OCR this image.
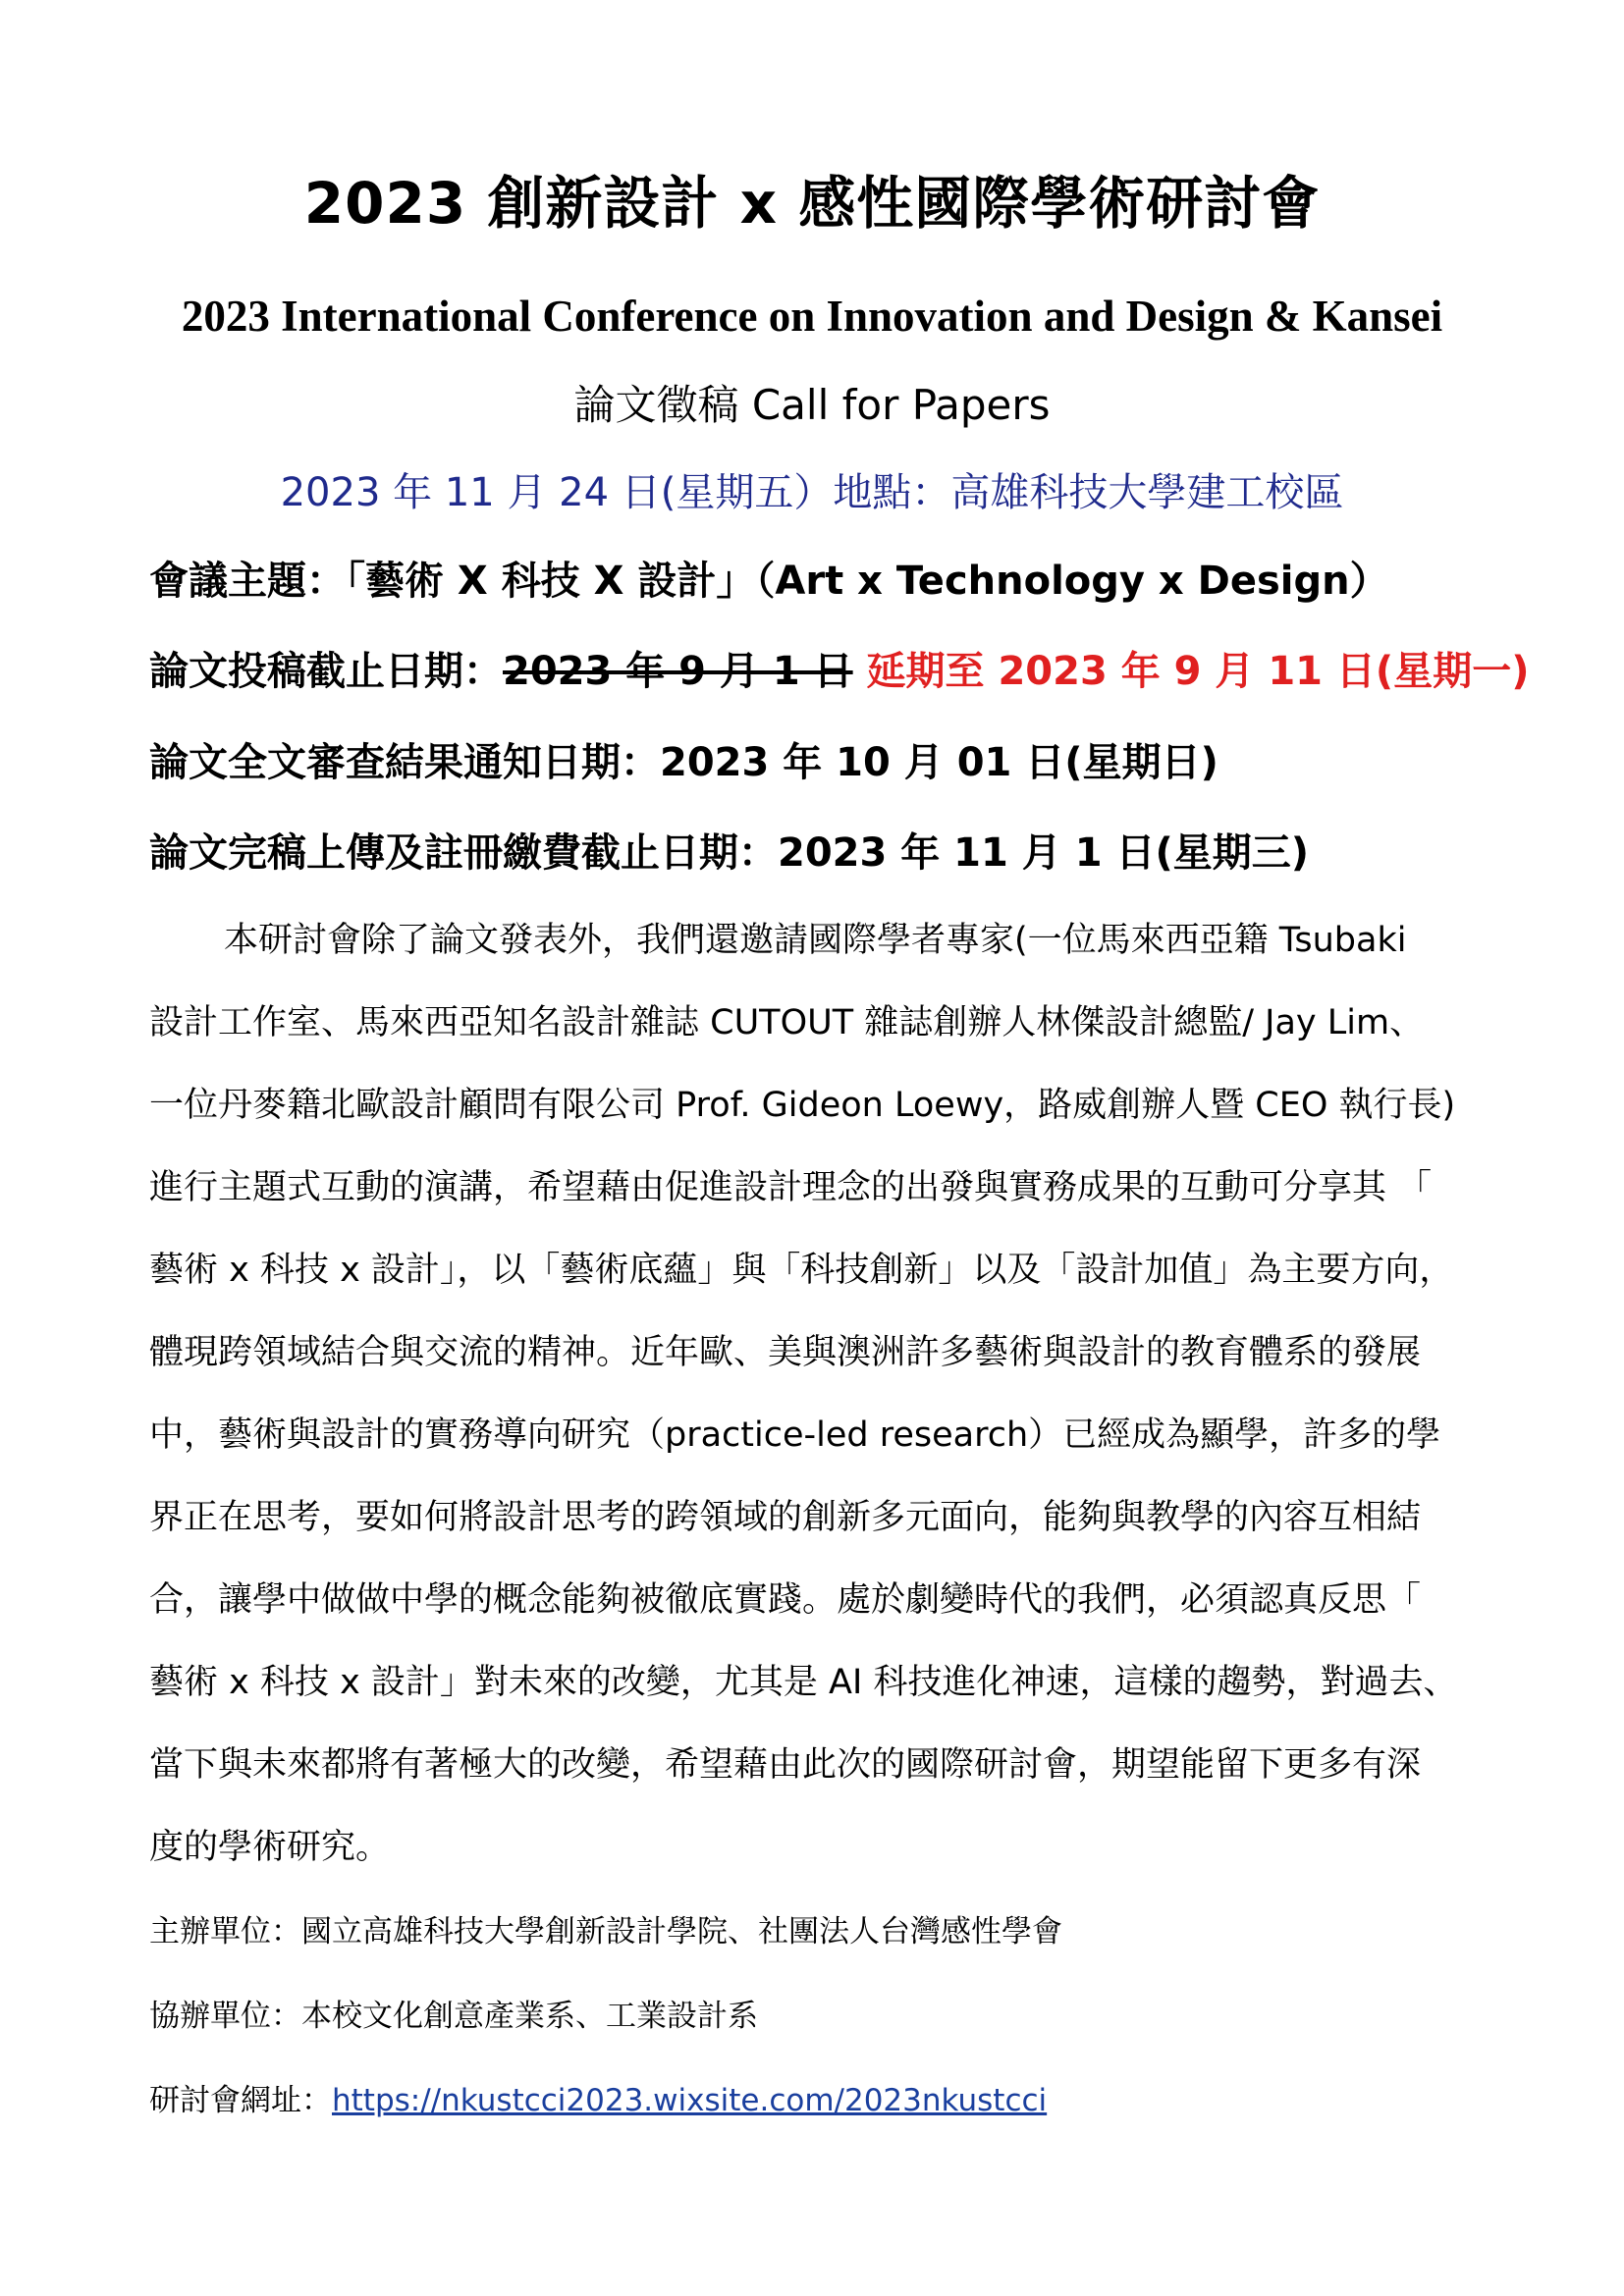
2023 創新設計 x 感性國際學術研討會
2023 International Conference on Innovation and Design & Kansei
論文徵稿 Call for Papers
2023 年 11 月 24 日(星期五）地點：高雄科技大學建工校區
會議主題：「藝術 X 科技 X 設計」（Art x Technology x Design）
論文投稿截止日期：2023 年 9 月 1 日 延期至 2023 年 9 月 11 日(星期一)
論文全文審查結果通知日期：2023 年 10 月 01 日(星期日)
論文完稿上傳及註冊繳費截止日期：2023 年 11 月 1 日(星期三)
本研討會除了論文發表外，我們還邀請國際學者專家(一位馬來西亞籍 Tsubaki
設計工作室、馬來西亞知名設計雜誌 CUTOUT 雜誌創辦人林傑設計總監/ Jay Lim、
一位丹麥籍北歐設計顧問有限公司 Prof. Gideon Loewy，路威創辦人暨 CEO 執行長)
進行主題式互動的演講，希望藉由促進設計理念的出發與實務成果的互動可分享其 「
藝術 x 科技 x 設計」，以「藝術底蘊」與「科技創新」以及「設計加值」為主要方向，
體現跨領域結合與交流的精神。近年歐、美與澳洲許多藝術與設計的教育體系的發展
中，藝術與設計的實務導向研究（practice-led research）已經成為顯學，許多的學
界正在思考，要如何將設計思考的跨領域的創新多元面向，能夠與教學的內容互相結
合，讓學中做做中學的概念能夠被徹底實踐。處於劇變時代的我們，必須認真反思「
藝術 x 科技 x 設計」對未來的改變，尤其是 AI 科技進化神速，這樣的趨勢，對過去、
當下與未來都將有著極大的改變，希望藉由此次的國際研討會，期望能留下更多有深
度的學術研究。
主辦單位：國立高雄科技大學創新設計學院、社團法人台灣感性學會
協辦單位：本校文化創意產業系、工業設計系
研討會網址：https://nkustcci2023.wixsite.com/2023nkustcci
